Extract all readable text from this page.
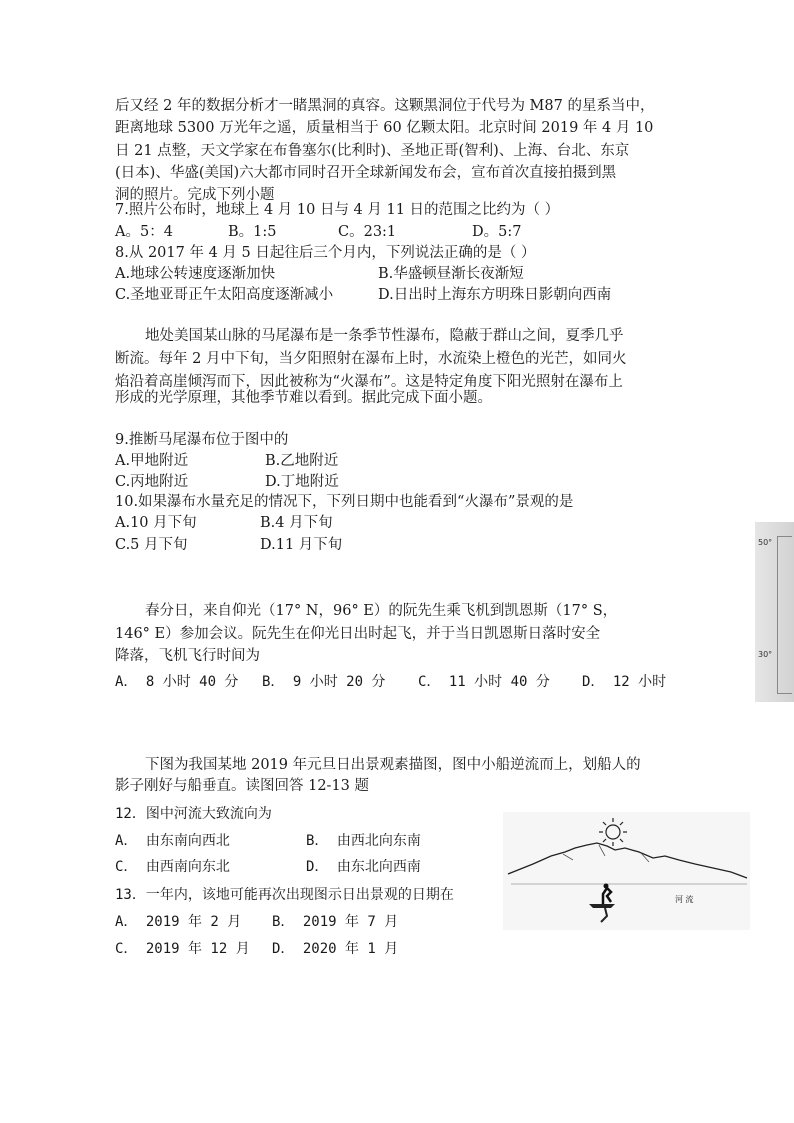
后又经 2 年的数据分析才一睹黑洞的真容。这颗黑洞位于代号为 M87 的星系当中，
距离地球 5300 万光年之遥，质量相当于 60 亿颗太阳。北京时间 2019 年 4 月 10
日 21 点整，天文学家在布鲁塞尔(比利时)、圣地正哥(智利)、上海、台北、东京
(日本)、华盛(美国)六大都市同时召开全球新闻发布会，宣布首次直接拍摄到黑
洞的照片。完成下列小题
7.照片公布时，地球上 4 月 10 日与 4 月 11 日的范围之比约为（ ）
A。5：4	B。1:5	C。23:1	D。5:7
8.从 2017 年 4 月 5 日起往后三个月内，下列说法正确的是（ ）
A.地球公转速度逐渐加快	B.华盛顿昼渐长夜渐短
C.圣地亚哥正午太阳高度逐渐减小	D.日出时上海东方明珠日影朝向西南
地处美国某山脉的马尾瀑布是一条季节性瀑布，隐蔽于群山之间，夏季几乎
断流。每年 2 月中下旬，当夕阳照射在瀑布上时，水流染上橙色的光芒，如同火
焰沿着高崖倾泻而下，因此被称为“火瀑布”。这是特定角度下阳光照射在瀑布上
形成的光学原理，其他季节难以看到。据此完成下面小题。
9.推断马尾瀑布位于图中的
A.甲地附近	B.乙地附近
C.丙地附近	D.丁地附近
10.如果瀑布水量充足的情况下，下列日期中也能看到“火瀑布”景观的是
A.10 月下旬	B.4 月下旬
C.5 月下旬	D.11 月下旬
春分日，来自仰光（17° N，96° E）的阮先生乘飞机到凯恩斯（17° S，
146° E）参加会议。阮先生在仰光日出时起飞，并于当日凯恩斯日落时安全
降落，飞机飞行时间为
A． 8 小时 40 分 B． 9 小时 20 分 C． 11 小时 40 分 D． 12 小时
下图为我国某地 2019 年元旦日出景观素描图，图中小船逆流而上，划船人的
影子刚好与船垂直。读图回答 12-13 题
12．图中河流大致流向为
A． 由东南向西北	B． 由西北向东南
C． 由西南向东北	D． 由东北向西南
13．一年内，该地可能再次出现图示日出景观的日期在
A． 2019 年 2 月 B． 2019 年 7 月
C． 2019 年 12 月 D． 2020 年 1 月
河 流
50°
30°
